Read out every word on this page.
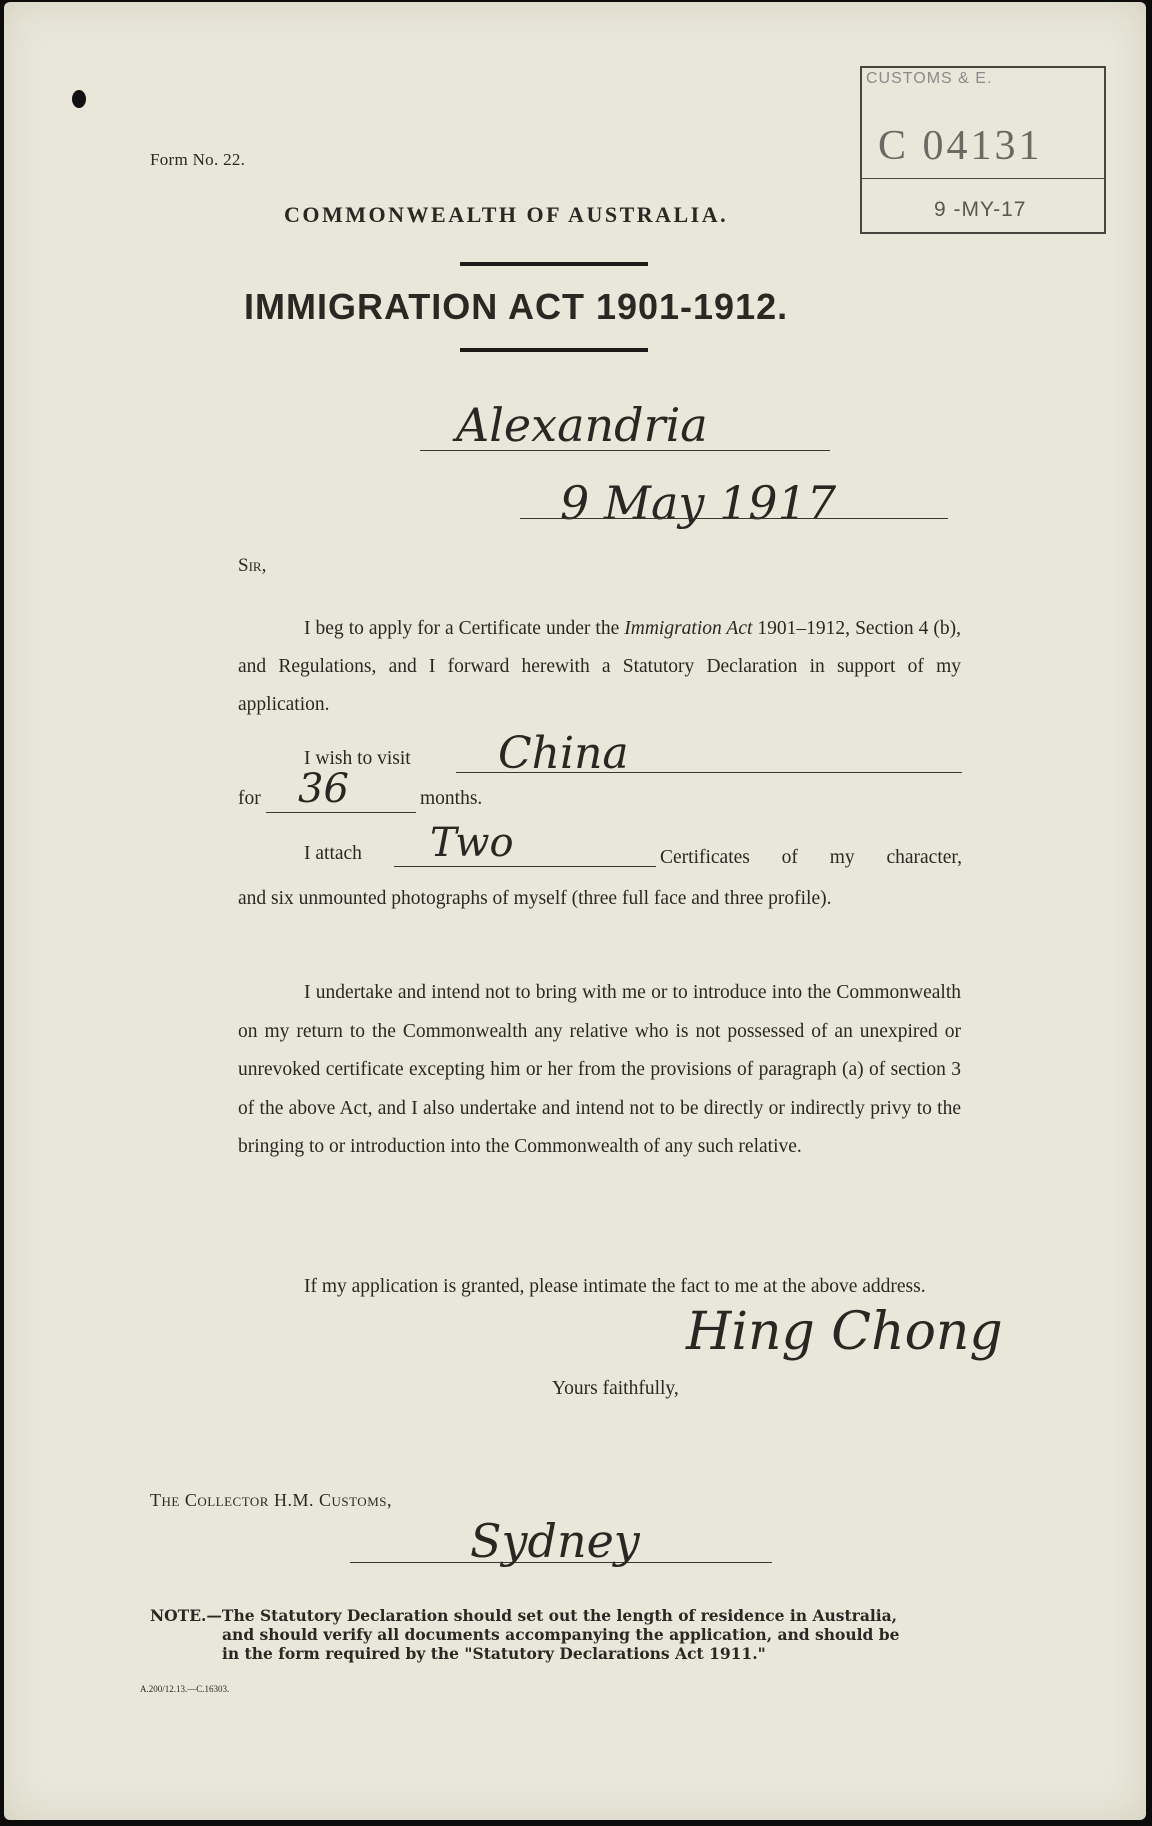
Form No. 22.
COMMONWEALTH OF AUSTRALIA.
IMMIGRATION ACT 1901-1912.
CUSTOMS & E.
C 04131
9 -MY-17
Alexandria
9 May 1917
Sir,
I beg to apply for a Certificate under the Immigration Act 1901–1912, Section 4 (b), and Regulations, and I forward herewith a Statutory Declaration in support of my application.
I wish to visit China
for 36	months.
I attach Two	Certificates of my character,
and six unmounted photographs of myself (three full face and three profile).
I undertake and intend not to bring with me or to introduce into the Commonwealth on my return to the Commonwealth any relative who is not possessed of an unexpired or unrevoked certificate excepting him or her from the provisions of paragraph (a) of section 3 of the above Act, and I also undertake and intend not to be directly or indirectly privy to the bringing to or introduction into the Commonwealth of any such relative.
If my application is granted, please intimate the fact to me at the above address.
Hing Chong
Yours faithfully,
The Collector H.M. Customs,
Sydney
NOTE.—The Statutory Declaration should set out the length of residence in Australia,
and should verify all documents accompanying the application, and should be
in the form required by the "Statutory Declarations Act 1911."
A.200/12.13.—C.16303.
